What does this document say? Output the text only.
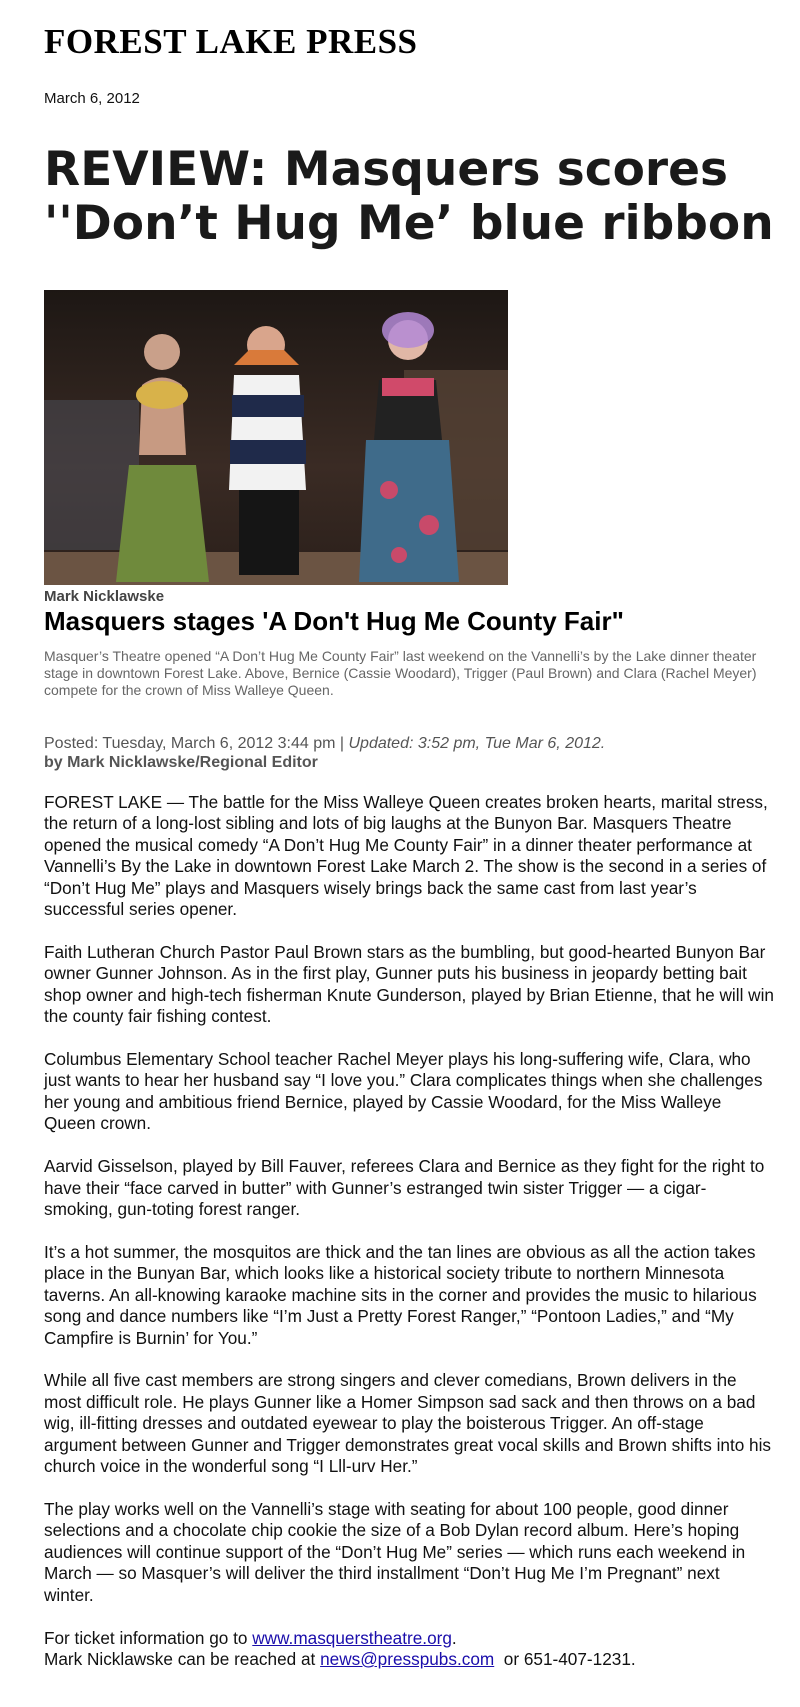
FOREST LAKE PRESS
March 6, 2012
REVIEW: Masquers scores ''Don’t Hug Me’ blue ribbon
Mark Nicklawske
Masquers stages 'A Don't Hug Me County Fair"
Masquer’s Theatre opened “A Don’t Hug Me County Fair” last weekend on the Vannelli’s by the Lake dinner theater stage in downtown Forest Lake. Above, Bernice (Cassie Woodard), Trigger (Paul Brown) and Clara (Rachel Meyer) compete for the crown of Miss Walleye Queen.
Posted: Tuesday, March 6, 2012 3:44 pm | Updated: 3:52 pm, Tue Mar 6, 2012.
by Mark Nicklawske/Regional Editor

FOREST LAKE — The battle for the Miss Walleye Queen creates broken hearts, marital stress, the return of a long-lost sibling and lots of big laughs at the Bunyon Bar. Masquers Theatre opened the musical comedy “A Don’t Hug Me County Fair” in a dinner theater performance at Vannelli’s By the Lake in downtown Forest Lake March 2. The show is the second in a series of “Don’t Hug Me” plays and Masquers wisely brings back the same cast from last year’s successful series opener.

Faith Lutheran Church Pastor Paul Brown stars as the bumbling, but good-hearted Bunyon Bar owner Gunner Johnson. As in the first play, Gunner puts his business in jeopardy betting bait shop owner and high-tech fisherman Knute Gunderson, played by Brian Etienne, that he will win the county fair fishing contest.

Columbus Elementary School teacher Rachel Meyer plays his long-suffering wife, Clara, who just wants to hear her husband say “I love you.” Clara complicates things when she challenges her young and ambitious friend Bernice, played by Cassie Woodard, for the Miss Walleye Queen crown.

Aarvid Gisselson, played by Bill Fauver, referees Clara and Bernice as they fight for the right to have their “face carved in butter” with Gunner’s estranged twin sister Trigger — a cigar-smoking, gun-toting forest ranger.

It’s a hot summer, the mosquitos are thick and the tan lines are obvious as all the action takes place in the Bunyan Bar, which looks like a historical society tribute to northern Minnesota taverns. An all-knowing karaoke machine sits in the corner and provides the music to hilarious song and dance numbers like “I’m Just a Pretty Forest Ranger,” “Pontoon Ladies,” and “My Campfire is Burnin’ for You.”

While all five cast members are strong singers and clever comedians, Brown delivers in the most difficult role. He plays Gunner like a Homer Simpson sad sack and then throws on a bad wig, ill-fitting dresses and outdated eyewear to play the boisterous Trigger. An off-stage argument between Gunner and Trigger demonstrates great vocal skills and Brown shifts into his church voice in the wonderful song “I Lll-urv Her.”

The play works well on the Vannelli’s stage with seating for about 100 people, good dinner selections and a chocolate chip cookie the size of a Bob Dylan record album. Here’s hoping audiences will continue support of the “Don’t Hug Me” series — which runs each weekend in March — so Masquer’s will deliver the third installment “Don’t Hug Me I’m Pregnant” next winter.

For ticket information go to www.masquerstheatre.org.
Mark Nicklawske can be reached at news@presspubs.com or 651-407-1231.
